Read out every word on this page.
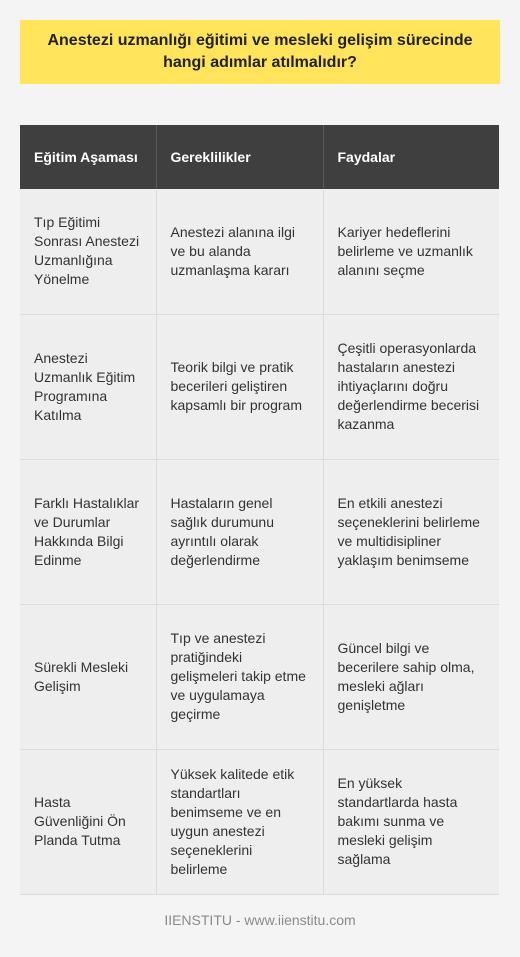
Anestezi uzmanlığı eğitimi ve mesleki gelişim sürecinde hangi adımlar atılmalıdır?
Eğitim Aşaması	Gereklilikler	Faydalar
Tıp Eğitimi Sonrası Anestezi Uzmanlığına Yönelme	Anestezi alanına ilgi ve bu alanda uzmanlaşma kararı	Kariyer hedeflerini belirleme ve uzmanlık alanını seçme
Anestezi Uzmanlık Eğitim Programına Katılma	Teorik bilgi ve pratik becerileri geliştiren kapsamlı bir program	Çeşitli operasyonlarda hastaların anestezi ihtiyaçlarını doğru değerlendirme becerisi kazanma
Farklı Hastalıklar ve Durumlar Hakkında Bilgi Edinme	Hastaların genel sağlık durumunu ayrıntılı olarak değerlendirme	En etkili anestezi seçeneklerini belirleme ve multidisipliner yaklaşım benimseme
Sürekli Mesleki Gelişim	Tıp ve anestezi pratiğindeki gelişmeleri takip etme ve uygulamaya geçirme	Güncel bilgi ve becerilere sahip olma, mesleki ağları genişletme
Hasta Güvenliğini Ön Planda Tutma	Yüksek kalitede etik standartları benimseme ve en uygun anestezi seçeneklerini belirleme	En yüksek standartlarda hasta bakımı sunma ve mesleki gelişim sağlama
IIENSTITU - www.iienstitu.com
